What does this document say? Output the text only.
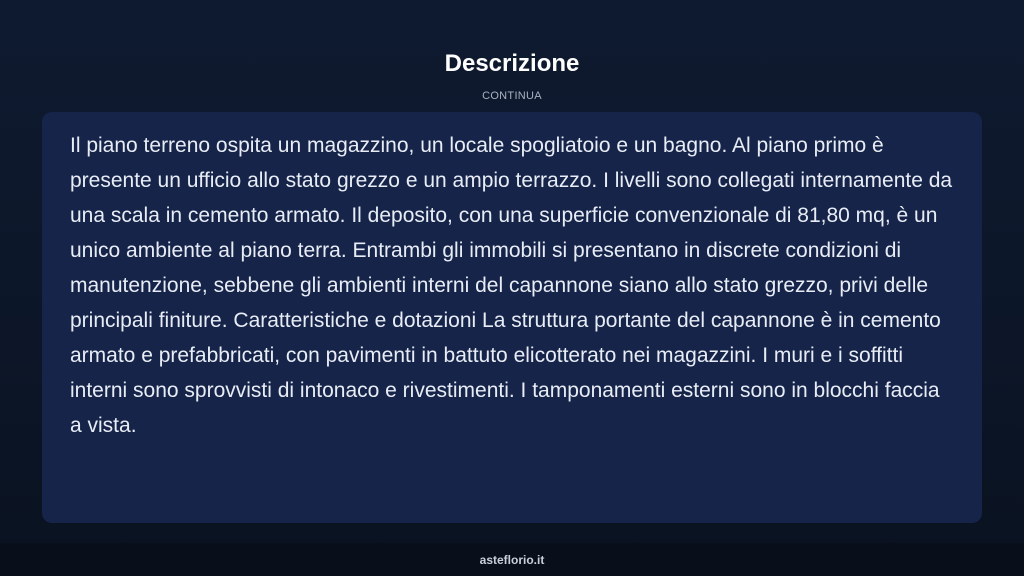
Descrizione
CONTINUA

Il piano terreno ospita un magazzino, un locale spogliatoio e un bagno. Al piano primo è presente un ufficio allo stato grezzo e un ampio terrazzo. I livelli sono collegati internamente da una scala in cemento armato. Il deposito, con una superficie convenzionale di 81,80 mq, è un unico ambiente al piano terra. Entrambi gli immobili si presentano in discrete condizioni di manutenzione, sebbene gli ambienti interni del capannone siano allo stato grezzo, privi delle principali finiture. Caratteristiche e dotazioni La struttura portante del capannone è in cemento armato e prefabbricati, con pavimenti in battuto elicotterato nei magazzini. I muri e i soffitti interni sono sprovvisti di intonaco e rivestimenti. I tamponamenti esterni sono in blocchi faccia a vista.

asteflorio.it
